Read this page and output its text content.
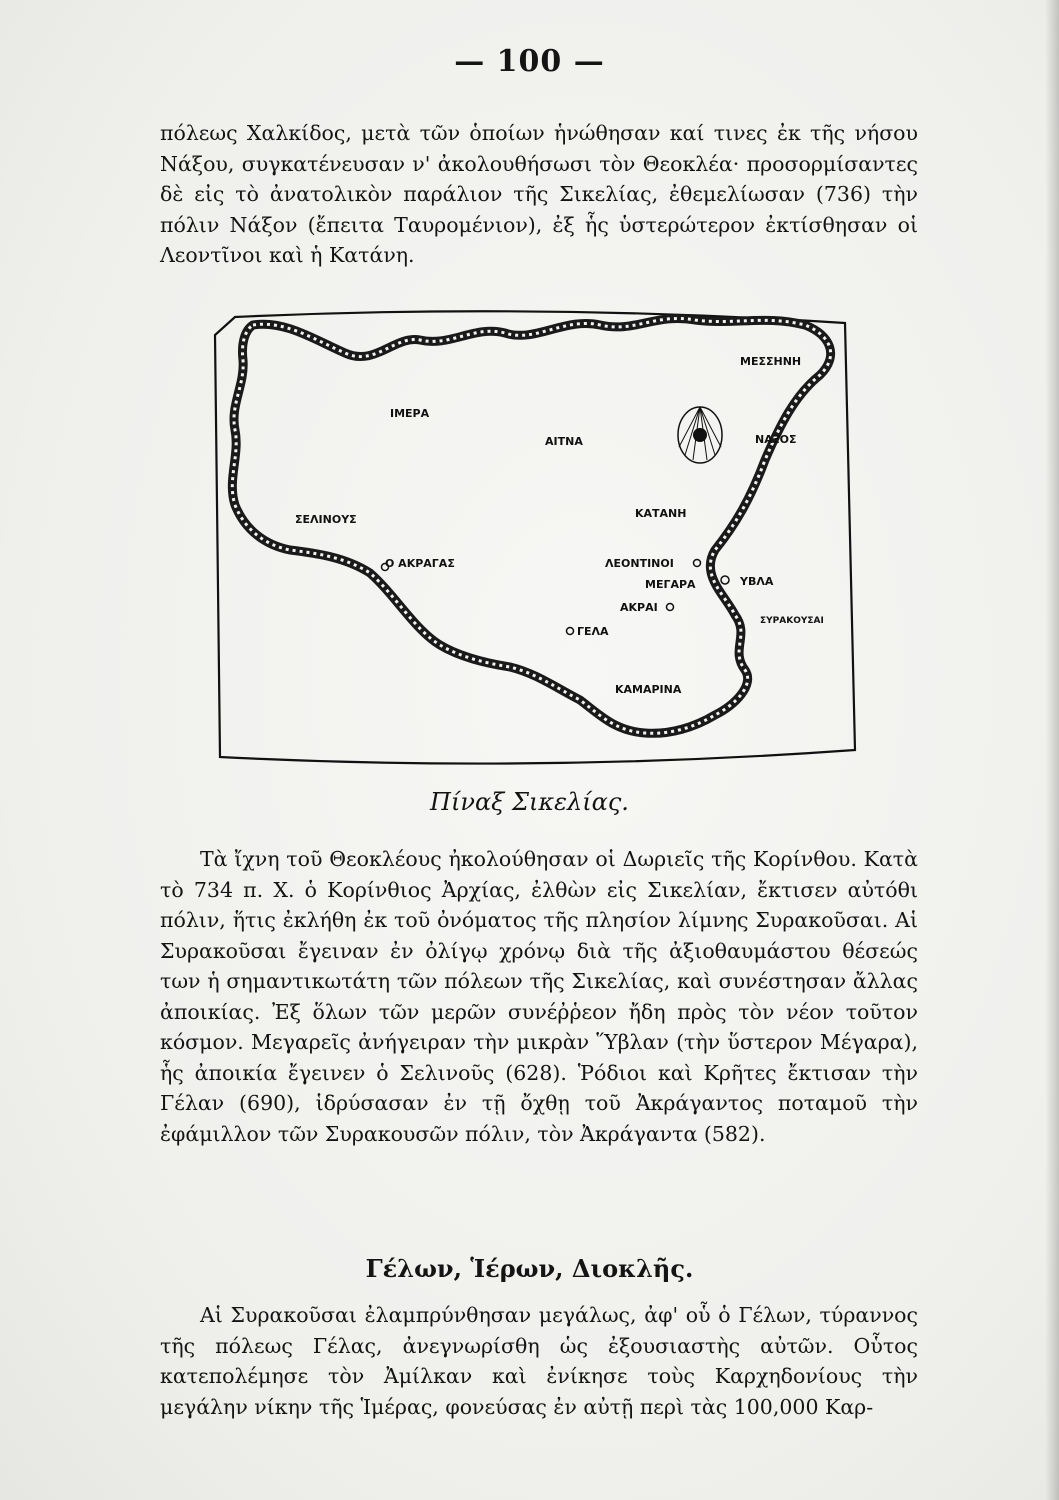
— 100 —

πόλεως Χαλκίδος, μετὰ τῶν ὁποίων ἡνώθησαν καί τινες ἐκ τῆς νήσου Νάξου, συγκατένευσαν ν' ἀκολουθήσωσι τὸν Θεοκλέα· προσορμίσαντες δὲ εἰς τὸ ἀνατολικὸν παράλιον τῆς Σικελίας, ἐθεμελίωσαν (736) τὴν πόλιν Νάξον (ἔπειτα Ταυρομένιον), ἐξ ἧς ὑστερώτερον ἐκτίσθησαν οἱ Λεοντῖνοι καὶ ἡ Κατάνη.

ΜΕΣΣΗΝΗ
ΙΜΕΡΑ
ΑΙΤΝΑ	ΝΑΞΟΣ
ΚΑΤΑΝΗ
ΣΕΛΙΝΟΥΣ
Ο ΑΚΡΑΓΑΣ	ΛΕΟΝΤΙΝΟΙ
ΜΕΓΑΡΑ	ΥΒΛΑ
ΑΚΡΑΙ
ΣΥΡΑΚΟΥΣΑΙ
ΓΕΛΑ
ΚΑΜΑΡΙΝΑ
Πίναξ Σικελίας.

Τὰ ἴχνη τοῦ Θεοκλέους ἠκολούθησαν οἱ Δωριεῖς τῆς Κορίνθου. Κατὰ τὸ 734 π. Χ. ὁ Κορίνθιος Ἀρχίας, ἐλθὼν εἰς Σικελίαν, ἔκτισεν αὐτόθι πόλιν, ἥτις ἐκλήθη ἐκ τοῦ ὀνόματος τῆς πλησίον λίμνης Συρακοῦσαι. Αἱ Συρακοῦσαι ἔγειναν ἐν ὀλίγῳ χρόνῳ διὰ τῆς ἀξιοθαυμάστου θέσεώς των ἡ σημαντικωτάτη τῶν πόλεων τῆς Σικελίας, καὶ συνέστησαν ἄλλας ἀποικίας. Ἐξ ὅλων τῶν μερῶν συνέῤῥεον ἤδη πρὸς τὸν νέον τοῦτον κόσμον. Μεγαρεῖς ἀνήγειραν τὴν μικρὰν Ὕβλαν (τὴν ὕστερον Μέγαρα), ἧς ἀποικία ἔγεινεν ὁ Σελινοῦς (628). Ῥόδιοι καὶ Κρῆτες ἔκτισαν τὴν Γέλαν (690), ἱδρύσασαν ἐν τῇ ὄχθῃ τοῦ Ἀκράγαντος ποταμοῦ τὴν ἐφάμιλλον τῶν Συρακουσῶν πόλιν, τὸν Ἀκράγαντα (582).

Γέλων, Ἱέρων, Διοκλῆς.

Αἱ Συρακοῦσαι ἐλαμπρύνθησαν μεγάλως, ἀφ' οὗ ὁ Γέλων, τύραννος τῆς πόλεως Γέλας, ἀνεγνωρίσθη ὡς ἐξουσιαστὴς αὐτῶν. Οὗτος κατεπολέμησε τὸν Ἀμίλκαν καὶ ἐνίκησε τοὺς Καρχηδονίους τὴν μεγάλην νίκην τῆς Ἱμέρας, φονεύσας ἐν αὐτῇ περὶ τὰς 100,000 Καρ-
